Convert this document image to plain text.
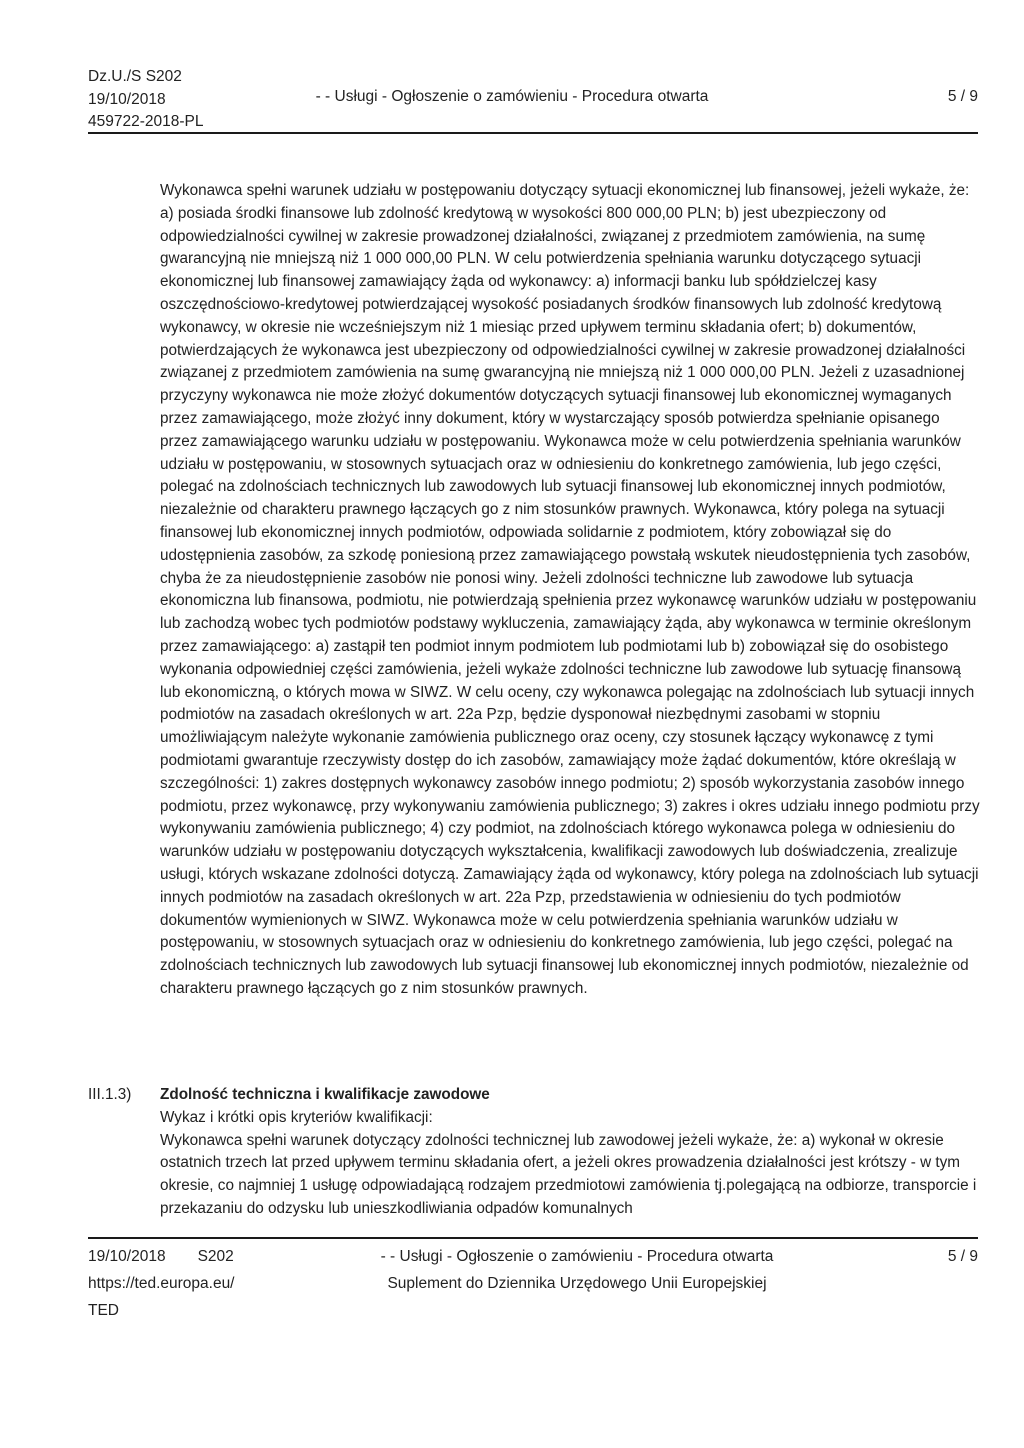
Dz.U./S S202
19/10/2018
459722-2018-PL
- - Usługi - Ogłoszenie o zamówieniu - Procedura otwarta	5 / 9
Wykonawca spełni warunek udziału w postępowaniu dotyczący sytuacji ekonomicznej lub finansowej, jeżeli wykaże, że: a) posiada środki finansowe lub zdolność kredytową w wysokości 800 000,00 PLN; b) jest ubezpieczony od odpowiedzialności cywilnej w zakresie prowadzonej działalności, związanej z przedmiotem zamówienia, na sumę gwarancyjną nie mniejszą niż 1 000 000,00 PLN. W celu potwierdzenia spełniania warunku dotyczącego sytuacji ekonomicznej lub finansowej zamawiający żąda od wykonawcy: a) informacji banku lub spółdzielczej kasy oszczędnościowo-kredytowej potwierdzającej wysokość posiadanych środków finansowych lub zdolność kredytową wykonawcy, w okresie nie wcześniejszym niż 1 miesiąc przed upływem terminu składania ofert; b) dokumentów, potwierdzających że wykonawca jest ubezpieczony od odpowiedzialności cywilnej w zakresie prowadzonej działalności związanej z przedmiotem zamówienia na sumę gwarancyjną nie mniejszą niż 1 000 000,00 PLN. Jeżeli z uzasadnionej przyczyny wykonawca nie może złożyć dokumentów dotyczących sytuacji finansowej lub ekonomicznej wymaganych przez zamawiającego, może złożyć inny dokument, który w wystarczający sposób potwierdza spełnianie opisanego przez zamawiającego warunku udziału w postępowaniu. Wykonawca może w celu potwierdzenia spełniania warunków udziału w postępowaniu, w stosownych sytuacjach oraz w odniesieniu do konkretnego zamówienia, lub jego części, polegać na zdolnościach technicznych lub zawodowych lub sytuacji finansowej lub ekonomicznej innych podmiotów, niezależnie od charakteru prawnego łączących go z nim stosunków prawnych. Wykonawca, który polega na sytuacji finansowej lub ekonomicznej innych podmiotów, odpowiada solidarnie z podmiotem, który zobowiązał się do udostępnienia zasobów, za szkodę poniesioną przez zamawiającego powstałą wskutek nieudostępnienia tych zasobów, chyba że za nieudostępnienie zasobów nie ponosi winy. Jeżeli zdolności techniczne lub zawodowe lub sytuacja ekonomiczna lub finansowa, podmiotu, nie potwierdzają spełnienia przez wykonawcę warunków udziału w postępowaniu lub zachodzą wobec tych podmiotów podstawy wykluczenia, zamawiający żąda, aby wykonawca w terminie określonym przez zamawiającego: a) zastąpił ten podmiot innym podmiotem lub podmiotami lub b) zobowiązał się do osobistego wykonania odpowiedniej części zamówienia, jeżeli wykaże zdolności techniczne lub zawodowe lub sytuację finansową lub ekonomiczną, o których mowa w SIWZ. W celu oceny, czy wykonawca polegając na zdolnościach lub sytuacji innych podmiotów na zasadach określonych w art. 22a Pzp, będzie dysponował niezbędnymi zasobami w stopniu umożliwiającym należyte wykonanie zamówienia publicznego oraz oceny, czy stosunek łączący wykonawcę z tymi podmiotami gwarantuje rzeczywisty dostęp do ich zasobów, zamawiający może żądać dokumentów, które określają w szczególności: 1) zakres dostępnych wykonawcy zasobów innego podmiotu; 2) sposób wykorzystania zasobów innego podmiotu, przez wykonawcę, przy wykonywaniu zamówienia publicznego; 3) zakres i okres udziału innego podmiotu przy wykonywaniu zamówienia publicznego; 4) czy podmiot, na zdolnościach którego wykonawca polega w odniesieniu do warunków udziału w postępowaniu dotyczących wykształcenia, kwalifikacji zawodowych lub doświadczenia, zrealizuje usługi, których wskazane zdolności dotyczą. Zamawiający żąda od wykonawcy, który polega na zdolnościach lub sytuacji innych podmiotów na zasadach określonych w art. 22a Pzp, przedstawienia w odniesieniu do tych podmiotów dokumentów wymienionych w SIWZ. Wykonawca może w celu potwierdzenia spełniania warunków udziału w postępowaniu, w stosownych sytuacjach oraz w odniesieniu do konkretnego zamówienia, lub jego części, polegać na zdolnościach technicznych lub zawodowych lub sytuacji finansowej lub ekonomicznej innych podmiotów, niezależnie od charakteru prawnego łączących go z nim stosunków prawnych.
III.1.3) Zdolność techniczna i kwalifikacje zawodowe
Wykaz i krótki opis kryteriów kwalifikacji:
Wykonawca spełni warunek dotyczący zdolności technicznej lub zawodowej jeżeli wykaże, że: a) wykonał w okresie ostatnich trzech lat przed upływem terminu składania ofert, a jeżeli okres prowadzenia działalności jest krótszy - w tym okresie, co najmniej 1 usługę odpowiadającą rodzajem przedmiotowi zamówienia tj.polegającą na odbiorze, transporcie i przekazaniu do odzysku lub unieszkodliwiania odpadów komunalnych
19/10/2018 S202
https://ted.europa.eu/
TED
- - Usługi - Ogłoszenie o zamówieniu - Procedura otwarta
Suplement do Dziennika Urzędowego Unii Europejskiej
5 / 9
